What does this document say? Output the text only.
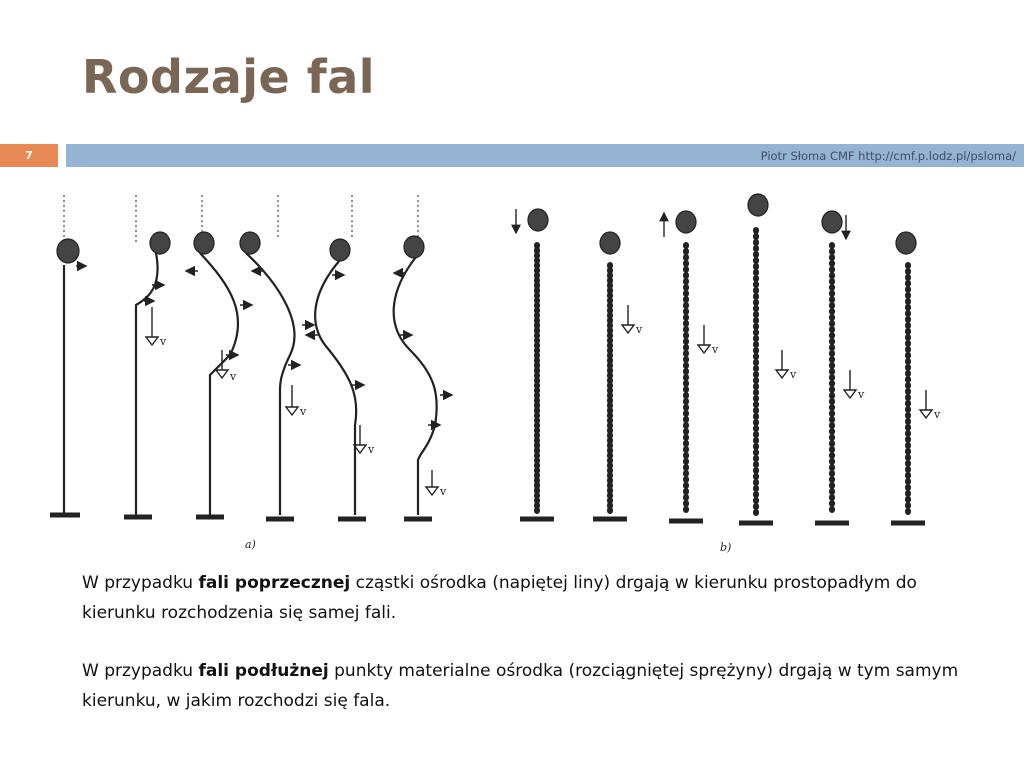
Rodzaje fal
7	Piotr Słoma CMF http://cmf.p.lodz.pl/psloma/
v
v
v
v
v
a)
v
v
v
v
v
b)

W przypadku fali poprzecznej cząstki ośrodka (napiętej liny) drgają w kierunku prostopadłym do kierunku rozchodzenia się samej fali.

W przypadku fali podłużnej punkty materialne ośrodka (rozciągniętej sprężyny) drgają w tym samym kierunku, w jakim rozchodzi się fala.
